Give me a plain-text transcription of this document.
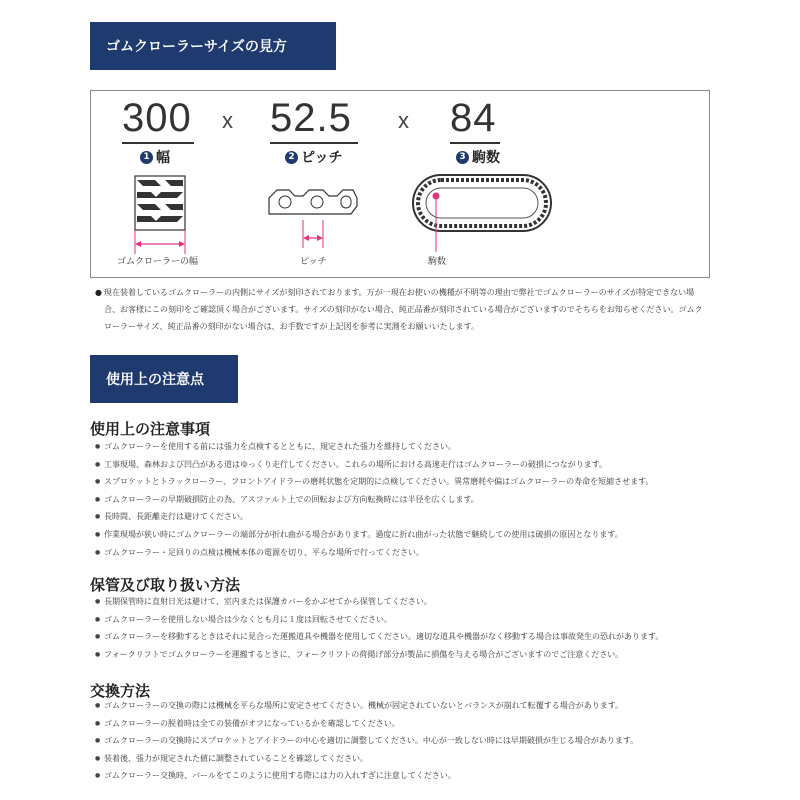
ゴムクローラーサイズの見方
300 x 52.5 x 84
1 幅	2 ピッチ	3 駒数
ゴムクローラーの幅	ピッチ	駒数
● 現在装着しているゴムクローラーの内側にサイズが刻印されております。万が一現在お使いの機種が不明等の理由で弊社でゴムクローラーのサイズが特定できない場合、お客様にこの刻印をご確認頂く場合がございます。サイズの刻印がない場合、純正品番が刻印されている場合がございますのでそちらをお知らせください。ゴムクローラーサイズ、純正品番の刻印がない場合は、お手数ですが上記図を参考に実測をお願いいたします。
使用上の注意点
使用上の注意事項
● ゴムクローラーを使用する前には張力を点検するとともに、規定された張力を維持してください。
● 工事現場、森林および凹凸がある道はゆっくり走行してください。これらの場所における高速走行はゴムクローラーの破損につながります。
● スプロケットとトラックローラー、フロントアイドラーの磨耗状態を定期的に点検してください。異常磨耗や偏はゴムクローラーの寿命を短縮させます。
● ゴムクローラーの早期破損防止の為、アスファルト上での回転および方向転換時には半径を広くします。
● 長時間、長距離走行は避けてください。
● 作業現場が狭い時にゴムクローラーの端部分が折れ曲がる場合があります。過度に折れ曲がった状態で継続しての使用は破損の原因となります。
● ゴムクローラー・足回りの点検は機械本体の電源を切り、平らな場所で行ってください。
保管及び取り扱い方法
● 長期保管時に直射日光は避けて、室内または保護カバーをかぶせてから保管してください。
● ゴムクローラーを使用しない場合は少なくとも月に１度は回転させてください。
● ゴムクローラーを移動するときはそれに見合った運搬道具や機器を使用してください。適切な道具や機器がなく移動する場合は事故発生の恐れがあります。
● フォークリフトでゴムクローラーを運搬するときに、フォークリフトの荷揚げ部分が製品に損傷を与える場合がございますのでご注意ください。
交換方法
● ゴムクローラーの交換の際には機械を平らな場所に安定させてください。機械が固定されていないとバランスが崩れて転覆する場合があります。
● ゴムクローラーの脱着時は全ての装備がオフになっているかを確認してください。
● ゴムクローラーの交換時にスプロケットとアイドラーの中心を適切に調整してください。中心が一致しない時には早期破損が生じる場合があります。
● 装着後、張力が規定された値に調整されていることを確認してください。
● ゴムクローラー交換時、バールをてこのように使用する際には力の入れすぎに注意してください。
